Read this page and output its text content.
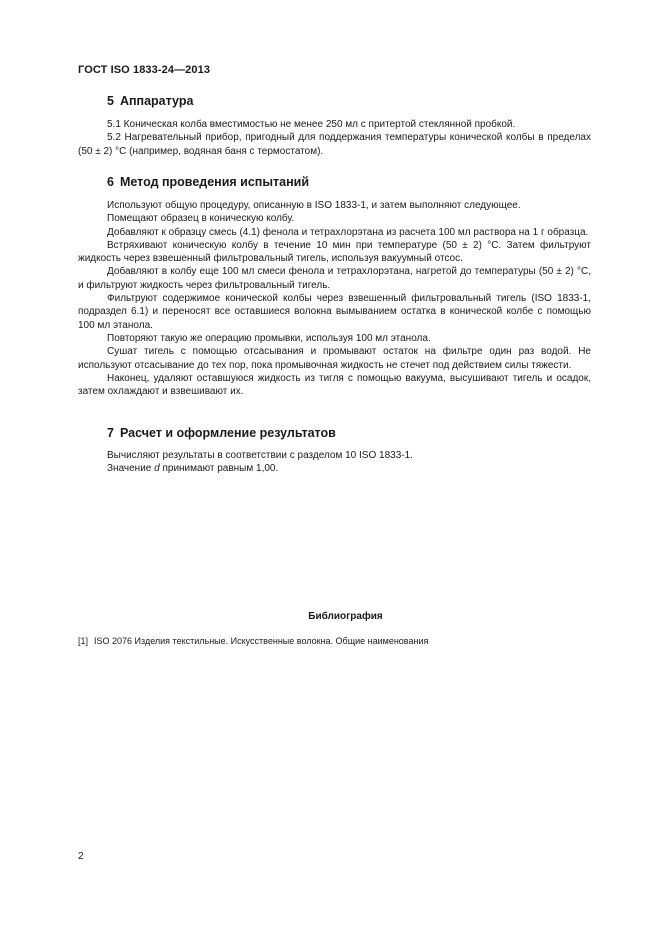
ГОСТ ISO 1833-24—2013
5 Аппаратура

5.1 Коническая колба вместимостью не менее 250 мл с притертой стеклянной пробкой.

5.2 Нагревательный прибор, пригодный для поддержания температуры конической колбы в пределах (50 ± 2) °С (например, водяная баня с термостатом).

6 Метод проведения испытаний

Используют общую процедуру, описанную в ISO 1833-1, и затем выполняют следующее.

Помещают образец в коническую колбу.

Добавляют к образцу смесь (4.1) фенола и тетрахлорэтана из расчета 100 мл раствора на 1 г образца.

Встряхивают коническую колбу в течение 10 мин при температуре (50 ± 2) °С. Затем фильтруют жидкость через взвешенный фильтровальный тигель, используя вакуумный отсос.

Добавляют в колбу еще 100 мл смеси фенола и тетрахлорэтана, нагретой до температуры (50 ± 2) °С, и фильтруют жидкость через фильтровальный тигель.

Фильтруют содержимое конической колбы через взвешенный фильтровальный тигель (ISO 1833-1, подраздел 6.1) и переносят все оставшиеся волокна вымыванием остатка в конической колбе с помощью 100 мл этанола.

Повторяют такую же операцию промывки, используя 100 мл этанола.

Сушат тигель с помощью отсасывания и промывают остаток на фильтре один раз водой. Не используют отсасывание до тех пор, пока промывочная жидкость не стечет под действием силы тяжести.

Наконец, удаляют оставшуюся жидкость из тигля с помощью вакуума, высушивают тигель и осадок, затем охлаждают и взвешивают их.

7 Расчет и оформление результатов

Вычисляют результаты в соответствии с разделом 10 ISO 1833-1.

Значение d принимают равным 1,00.

Библиография
[1] ISO 2076 Изделия текстильные. Искусственные волокна. Общие наименования
2
